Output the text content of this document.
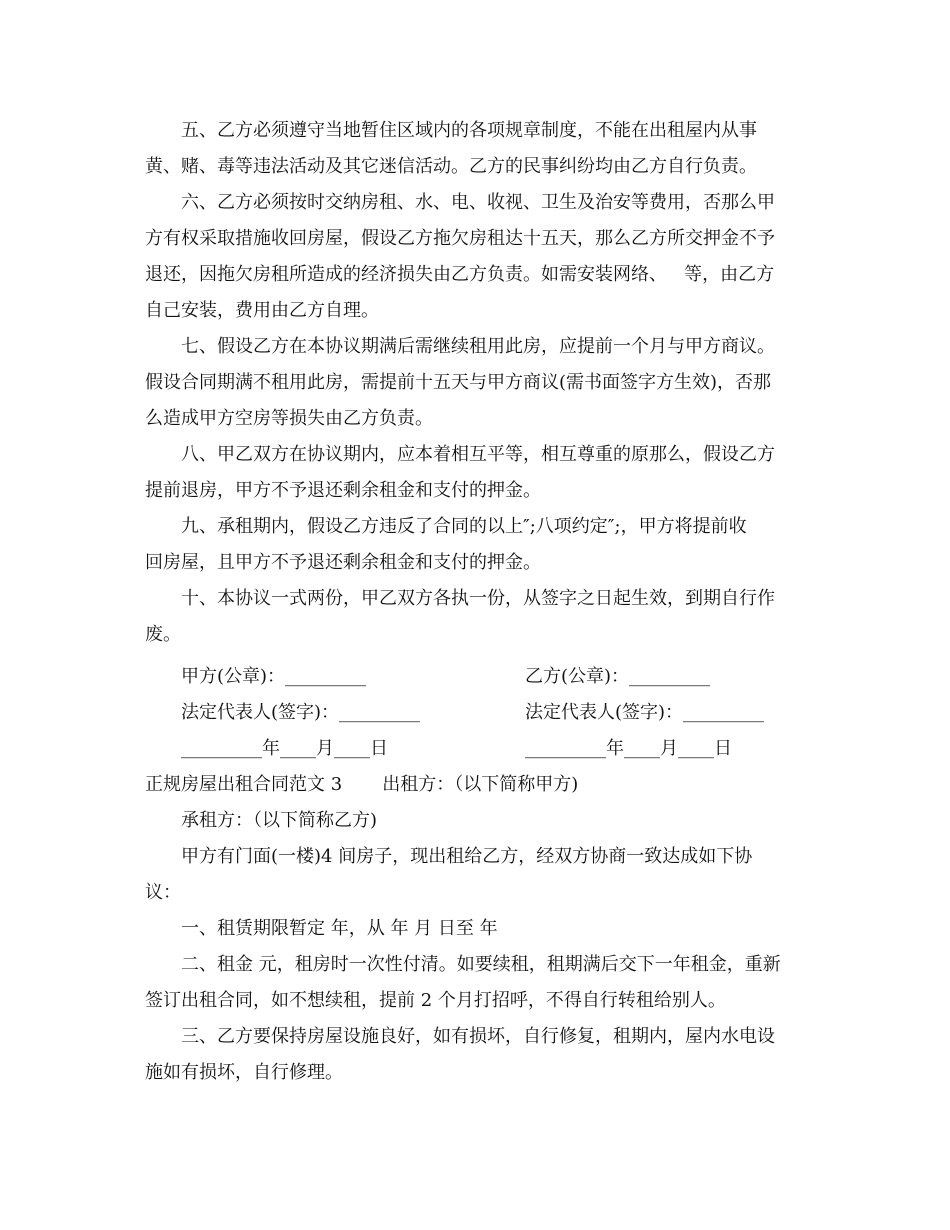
五、乙方必须遵守当地暂住区域内的各项规章制度，不能在出租屋内从事
黄、赌、毒等违法活动及其它迷信活动。乙方的民事纠纷均由乙方自行负责。

六、乙方必须按时交纳房租、水、电、收视、卫生及治安等费用，否那么甲
方有权采取措施收回房屋，假设乙方拖欠房租达十五天，那么乙方所交押金不予
退还，因拖欠房租所造成的经济损失由乙方负责。如需安装网络、   等，由乙方
自己安装，费用由乙方自理。

七、假设乙方在本协议期满后需继续租用此房，应提前一个月与甲方商议。
假设合同期满不租用此房，需提前十五天与甲方商议(需书面签字方生效)，否那
么造成甲方空房等损失由乙方负责。

八、甲乙双方在协议期内，应本着相互平等，相互尊重的原那么，假设乙方
提前退房，甲方不予退还剩余租金和支付的押金。

九、承租期内，假设乙方违反了合同的以上″;八项约定″;，甲方将提前收
回房屋，且甲方不予退还剩余租金和支付的押金。

十、本协议一式两份，甲乙双方各执一份，从签字之日起生效，到期自行作
废。

甲方(公章)：_________	乙方(公章)：_________
法定代表人(签字)：_________	法定代表人(签字)：_________
_________年____月____日	_________年____月____日
正规房屋出租合同范文 3       出租方：（以下简称甲方)
承租方：（以下简称乙方)

甲方有门面(一楼)4 间房子，现出租给乙方，经双方协商一致达成如下协
议：

一、租赁期限暂定 年，从 年 月 日至 年

二、租金 元，租房时一次性付清。如要续租，租期满后交下一年租金，重新
签订出租合同，如不想续租，提前 2 个月打招呼，不得自行转租给别人。

三、乙方要保持房屋设施良好，如有损坏，自行修复，租期内，屋内水电设
施如有损坏，自行修理。
